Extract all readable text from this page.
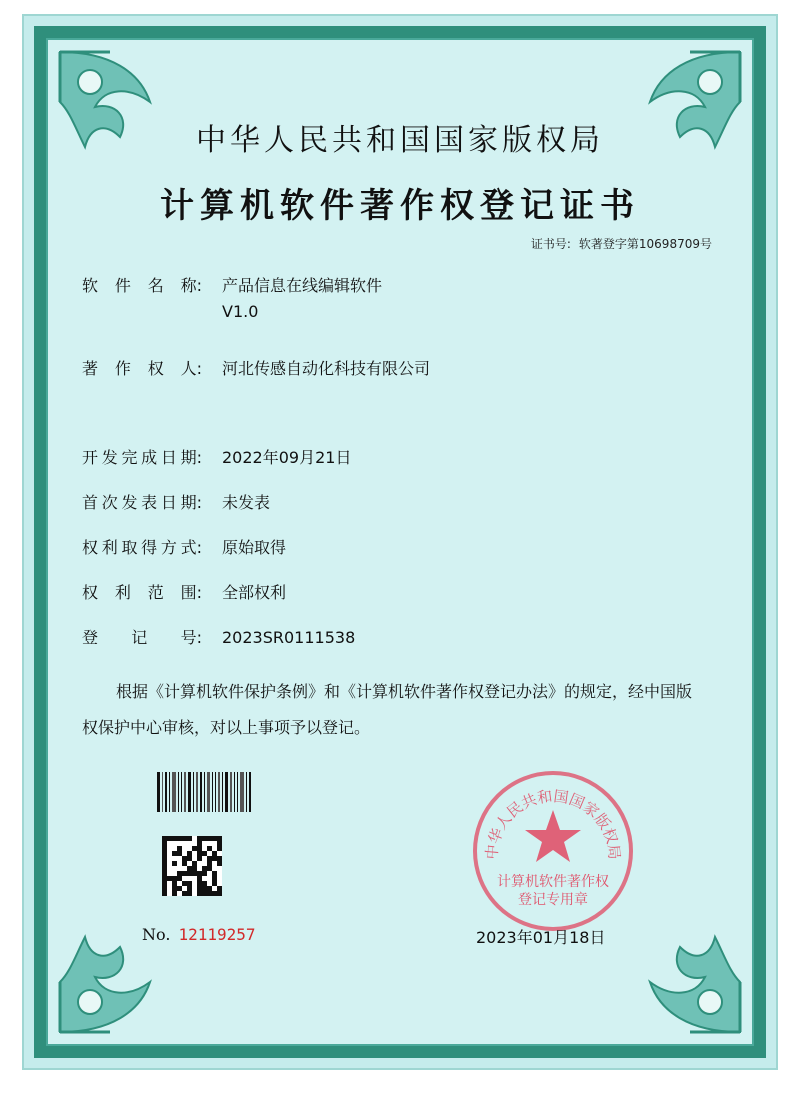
中华人民共和国国家版权局
计算机软件著作权登记证书
证书号: 软著登字第10698709号
软 件 名 称: 产品信息在线编辑软件
V1.0
著 作 权 人: 河北传感自动化科技有限公司
开 发 完 成 日 期: 2022年09月21日
首 次 发 表 日 期: 未发表
权 利 取 得 方 式: 原始取得
权 利 范 围: 全部权利
登 记 号: 2023SR0111538
根据《计算机软件保护条例》和《计算机软件著作权登记办法》的规定，经中国版权保护中心审核，对以上事项予以登记。
中华人民共和国国家版权局
计算机软件著作权
登记专用章
No. 12119257	2023年01月18日
